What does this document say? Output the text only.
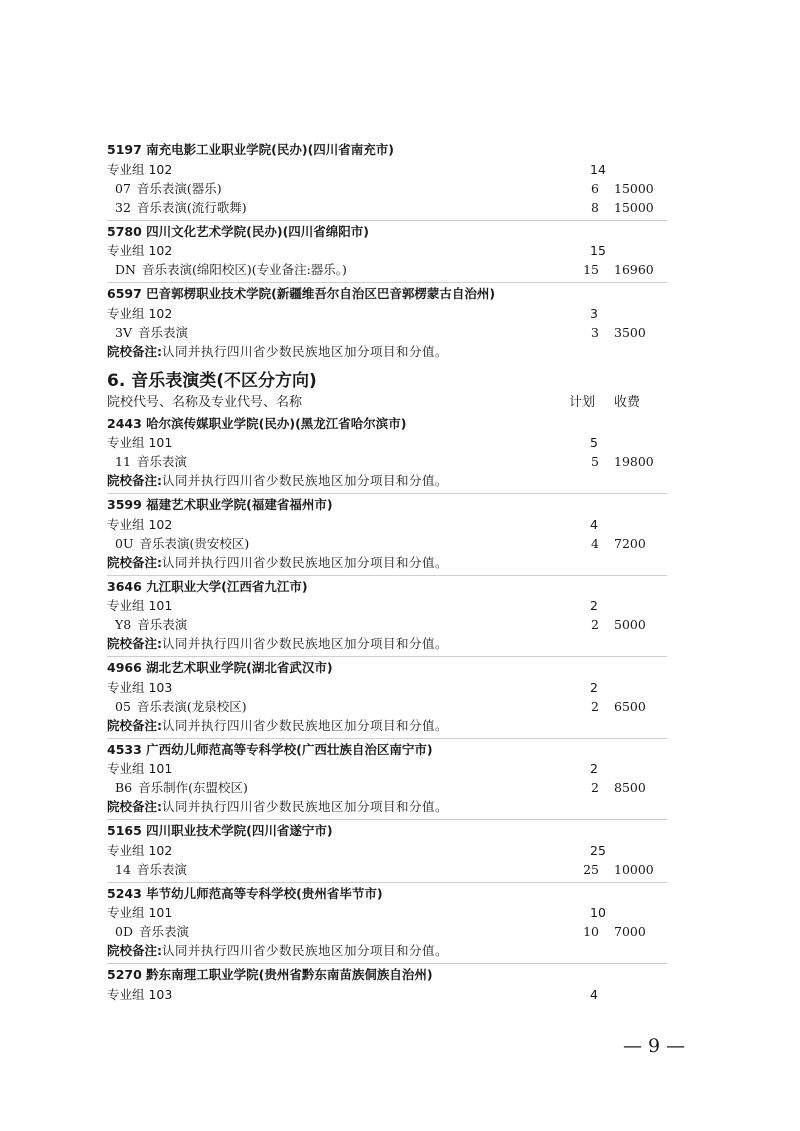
5197 南充电影工业职业学院(民办)(四川省南充市)
专业组 102	14
07 音乐表演(器乐)	6 15000
32 音乐表演(流行歌舞)	8 15000
5780 四川文化艺术学院(民办)(四川省绵阳市)
专业组 102	15
DN 音乐表演(绵阳校区)(专业备注:器乐。)	15 16960
6597 巴音郭楞职业技术学院(新疆维吾尔自治区巴音郭楞蒙古自治州)
专业组 102	3
3V 音乐表演	3 3500
院校备注:认同并执行四川省少数民族地区加分项目和分值。
6. 音乐表演类(不区分方向)
院校代号、名称及专业代号、名称	计划 收费
2443 哈尔滨传媒职业学院(民办)(黑龙江省哈尔滨市)
专业组 101	5
11 音乐表演	5 19800
院校备注:认同并执行四川省少数民族地区加分项目和分值。
3599 福建艺术职业学院(福建省福州市)
专业组 102	4
0U 音乐表演(贵安校区)	4 7200
院校备注:认同并执行四川省少数民族地区加分项目和分值。
3646 九江职业大学(江西省九江市)
专业组 101	2
Y8 音乐表演	2 5000
院校备注:认同并执行四川省少数民族地区加分项目和分值。
4966 湖北艺术职业学院(湖北省武汉市)
专业组 103	2
05 音乐表演(龙泉校区)	2 6500
院校备注:认同并执行四川省少数民族地区加分项目和分值。
4533 广西幼儿师范高等专科学校(广西壮族自治区南宁市)
专业组 101	2
B6 音乐制作(东盟校区)	2 8500
院校备注:认同并执行四川省少数民族地区加分项目和分值。
5165 四川职业技术学院(四川省遂宁市)
专业组 102	25
14 音乐表演	25 10000
5243 毕节幼儿师范高等专科学校(贵州省毕节市)
专业组 101	10
0D 音乐表演	10 7000
院校备注:认同并执行四川省少数民族地区加分项目和分值。
5270 黔东南理工职业学院(贵州省黔东南苗族侗族自治州)
专业组 103	4
— 9 —
